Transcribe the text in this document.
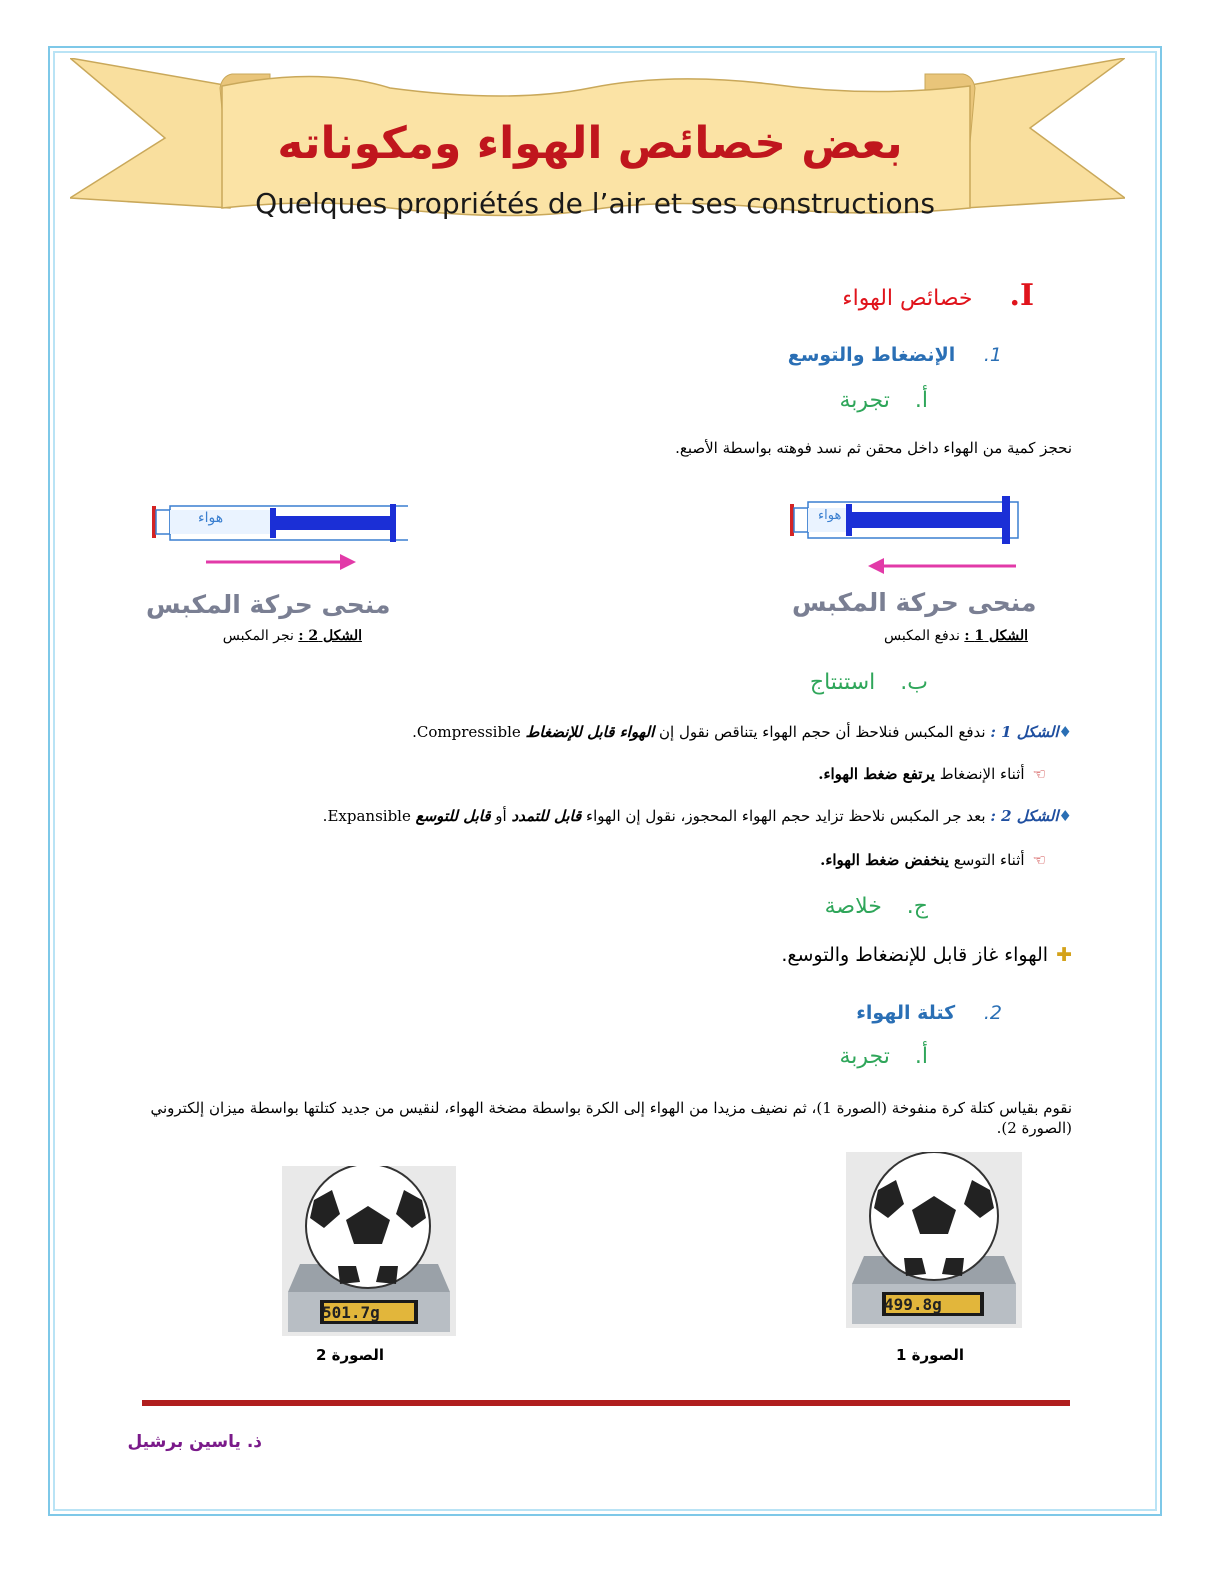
بعض خصائص الهواء ومكوناته
Quelques propriétés de l’air et ses constructions
I. خصائص الهواء
1. الإنضغاط والتوسع
أ. تجربة
نحجز كمية من الهواء داخل محقن ثم نسد فوهته بواسطة الأصبع.
هواء
منحى حركة المكبس
الشكل 2 : نجر المكبس
هواء
منحى حركة المكبس
الشكل 1 : ندفع المكبس
ب. استنتاج
♦الشكل 1 : ندفع المكبس فنلاحظ أن حجم الهواء يتناقص نقول إن الهواء قابل للإنضغاط Compressible.
☜أثناء الإنضغاط يرتفع ضغط الهواء.
♦الشكل 2 : بعد جر المكبس نلاحظ تزايد حجم الهواء المحجوز، نقول إن الهواء قابل للتمدد أو قابل للتوسع Expansible.
☜أثناء التوسع ينخفض ضغط الهواء.
ج. خلاصة
✚الهواء غاز قابل للإنضغاط والتوسع.
2. كتلة الهواء
أ. تجربة
نقوم بقياس كتلة كرة منفوخة (الصورة 1)، ثم نضيف مزيدا من الهواء إلى الكرة بواسطة مضخة الهواء، لنقيس من جديد كتلتها بواسطة ميزان إلكتروني (الصورة 2).
501.7g
الصورة 2
499.8g
الصورة 1
ذ. ياسين برشيل
